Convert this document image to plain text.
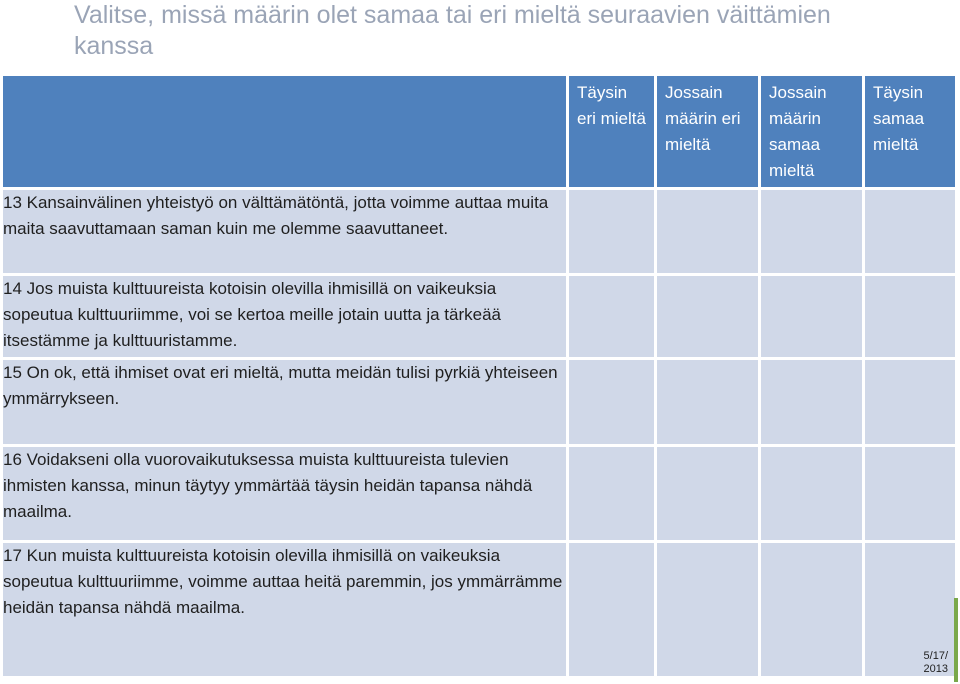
Valitse, missä määrin olet samaa tai eri mieltä seuraavien väittämien kanssa
	Täysin eri mieltä	Jossain määrin eri mieltä	Jossain määrin samaa mieltä	Täysin samaa mieltä
13 Kansainvälinen yhteistyö on välttämätöntä, jotta voimme auttaa muita maita saavuttamaan saman kuin me olemme saavuttaneet.				
14 Jos muista kulttuureista kotoisin olevilla ihmisillä on vaikeuksia sopeutua kulttuuriimme, voi se kertoa meille jotain uutta ja tärkeää itsestämme ja kulttuuristamme.				
15 On ok, että ihmiset ovat eri mieltä, mutta meidän tulisi pyrkiä yhteiseen ymmärrykseen.				
16 Voidakseni olla vuorovaikutuksessa muista kulttuureista tulevien ihmisten kanssa, minun täytyy ymmärtää täysin heidän tapansa nähdä maailma.				
17 Kun muista kulttuureista kotoisin olevilla ihmisillä on vaikeuksia sopeutua kulttuuriimme, voimme auttaa heitä paremmin, jos ymmärrämme heidän tapansa nähdä maailma.				
5/17/ 2013
